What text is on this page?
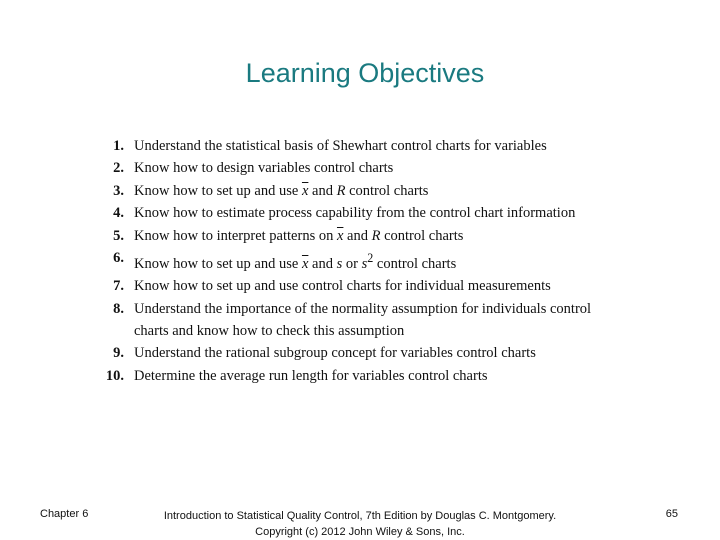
Learning Objectives
1. Understand the statistical basis of Shewhart control charts for variables
2. Know how to design variables control charts
3. Know how to set up and use $\overline{x}$ and R control charts
4. Know how to estimate process capability from the control chart information
5. Know how to interpret patterns on $\overline{x}$ and R control charts
6. Know how to set up and use $\overline{x}$ and s or $s^2$ control charts
7. Know how to set up and use control charts for individual measurements
8. Understand the importance of the normality assumption for individuals control
charts and know how to check this assumption
9. Understand the rational subgroup concept for variables control charts
10. Determine the average run length for variables control charts
Chapter 6	Introduction to Statistical Quality Control, 7th Edition by Douglas C. Montgomery.
Copyright (c) 2012 John Wiley & Sons, Inc.
65
